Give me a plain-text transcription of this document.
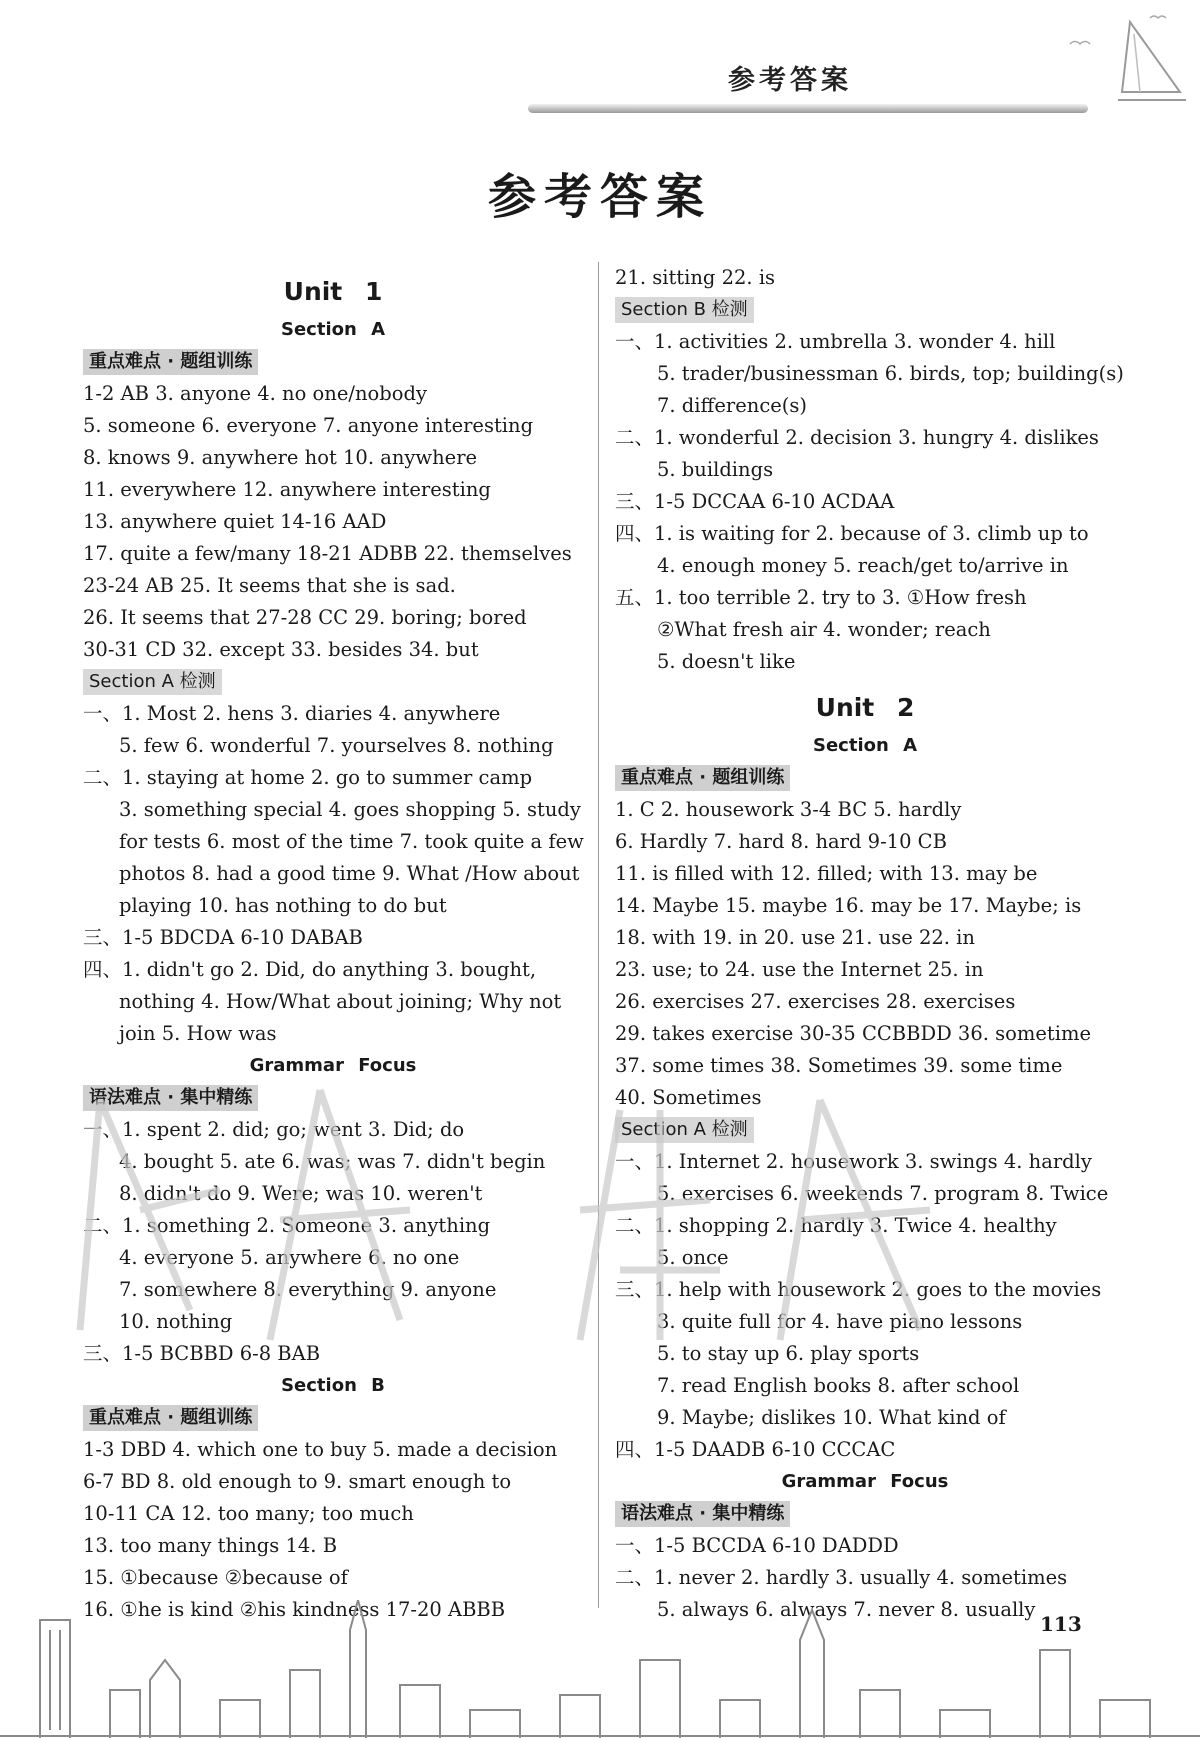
参考答案
参考答案
Unit 1
Section A
重点难点 · 题组训练
1-2 AB 3. anyone 4. no one/nobody
5. someone 6. everyone 7. anyone interesting
8. knows 9. anywhere hot 10. anywhere
11. everywhere 12. anywhere interesting
13. anywhere quiet 14-16 AAD
17. quite a few/many 18-21 ADBB 22. themselves
23-24 AB 25. It seems that she is sad.
26. It seems that 27-28 CC 29. boring; bored
30-31 CD 32. except 33. besides 34. but
Section A 检测
一、1. Most 2. hens 3. diaries 4. anywhere
5. few 6. wonderful 7. yourselves 8. nothing
二、1. staying at home 2. go to summer camp
3. something special 4. goes shopping 5. study
for tests 6. most of the time 7. took quite a few
photos 8. had a good time 9. What /How about
playing 10. has nothing to do but
三、1-5 BDCDA 6-10 DABAB
四、1. didn't go 2. Did, do anything 3. bought,
nothing 4. How/What about joining; Why not
join 5. How was
Grammar Focus
语法难点 · 集中精练
一、1. spent 2. did; go; went 3. Did; do
4. bought 5. ate 6. was; was 7. didn't begin
8. didn't do 9. Were; was 10. weren't
二、1. something 2. Someone 3. anything
4. everyone 5. anywhere 6. no one
7. somewhere 8. everything 9. anyone
10. nothing
三、1-5 BCBBD 6-8 BAB
Section B
重点难点 · 题组训练
1-3 DBD 4. which one to buy 5. made a decision
6-7 BD 8. old enough to 9. smart enough to
10-11 CA 12. too many; too much
13. too many things 14. B
15. ①because ②because of
16. ①he is kind ②his kindness 17-20 ABBB
21. sitting 22. is
Section B 检测
一、1. activities 2. umbrella 3. wonder 4. hill
5. trader/businessman 6. birds, top; building(s)
7. difference(s)
二、1. wonderful 2. decision 3. hungry 4. dislikes
5. buildings
三、1-5 DCCAA 6-10 ACDAA
四、1. is waiting for 2. because of 3. climb up to
4. enough money 5. reach/get to/arrive in
五、1. too terrible 2. try to 3. ①How fresh
②What fresh air 4. wonder; reach
5. doesn't like
Unit 2
Section A
重点难点 · 题组训练
1. C 2. housework 3-4 BC 5. hardly
6. Hardly 7. hard 8. hard 9-10 CB
11. is filled with 12. filled; with 13. may be
14. Maybe 15. maybe 16. may be 17. Maybe; is
18. with 19. in 20. use 21. use 22. in
23. use; to 24. use the Internet 25. in
26. exercises 27. exercises 28. exercises
29. takes exercise 30-35 CCBBDD 36. sometime
37. some times 38. Sometimes 39. some time
40. Sometimes
Section A 检测
一、1. Internet 2. housework 3. swings 4. hardly
5. exercises 6. weekends 7. program 8. Twice
二、1. shopping 2. hardly 3. Twice 4. healthy
5. once
三、1. help with housework 2. goes to the movies
3. quite full for 4. have piano lessons
5. to stay up 6. play sports
7. read English books 8. after school
9. Maybe; dislikes 10. What kind of
四、1-5 DAADB 6-10 CCCAC
Grammar Focus
语法难点 · 集中精练
一、1-5 BCCDA 6-10 DADDD
二、1. never 2. hardly 3. usually 4. sometimes
5. always 6. always 7. never 8. usually
113
